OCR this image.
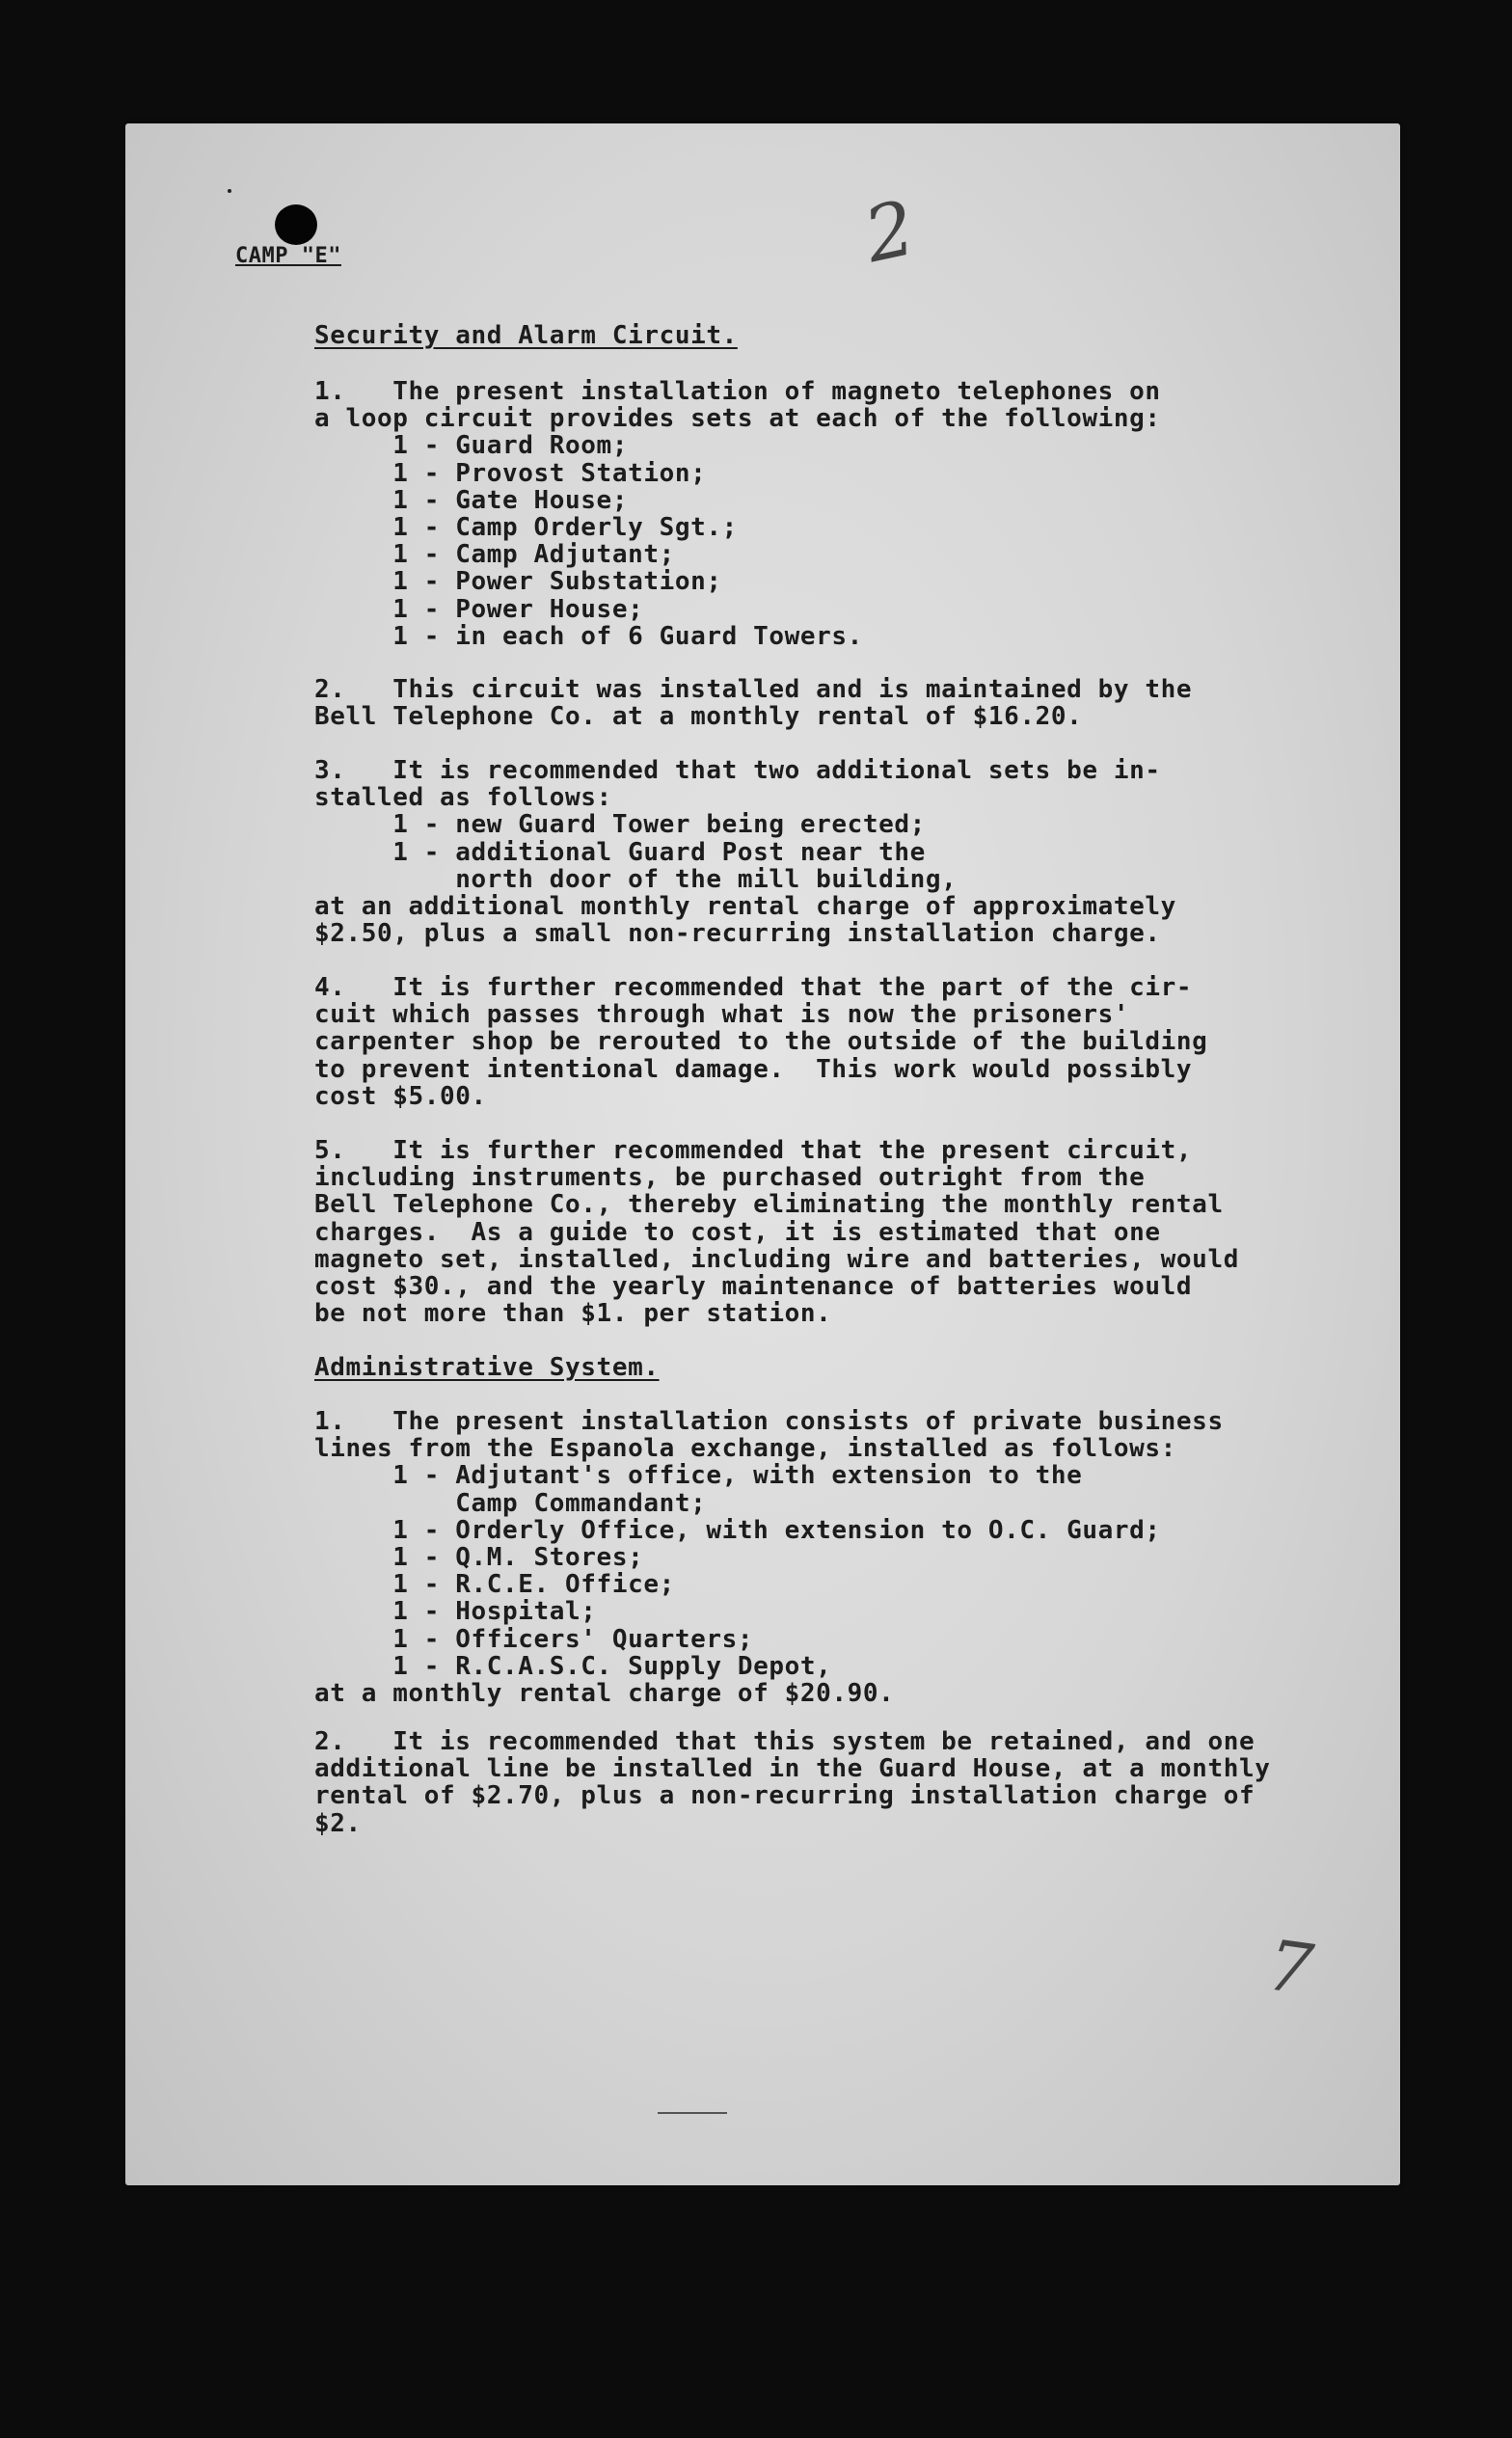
CAMP "E"	2
Security and Alarm Circuit.
1.   The present installation of magneto telephones on
a loop circuit provides sets at each of the following:
1 - Guard Room;
1 - Provost Station;
1 - Gate House;
1 - Camp Orderly Sgt.;
1 - Camp Adjutant;
1 - Power Substation;
1 - Power House;
1 - in each of 6 Guard Towers.
2.   This circuit was installed and is maintained by the
Bell Telephone Co. at a monthly rental of $16.20.
3.   It is recommended that two additional sets be in-
stalled as follows:
1 - new Guard Tower being erected;
1 - additional Guard Post near the
north door of the mill building,
at an additional monthly rental charge of approximately
$2.50, plus a small non-recurring installation charge.
4.   It is further recommended that the part of the cir-
cuit which passes through what is now the prisoners'
carpenter shop be rerouted to the outside of the building
to prevent intentional damage.  This work would possibly
cost $5.00.
5.   It is further recommended that the present circuit,
including instruments, be purchased outright from the
Bell Telephone Co., thereby eliminating the monthly rental
charges.  As a guide to cost, it is estimated that one
magneto set, installed, including wire and batteries, would
cost $30., and the yearly maintenance of batteries would
be not more than $1. per station.
Administrative System.
1.   The present installation consists of private business
lines from the Espanola exchange, installed as follows:
1 - Adjutant's office, with extension to the
Camp Commandant;
1 - Orderly Office, with extension to O.C. Guard;
1 - Q.M. Stores;
1 - R.C.E. Office;
1 - Hospital;
1 - Officers' Quarters;
1 - R.C.A.S.C. Supply Depot,
at a monthly rental charge of $20.90.
2.   It is recommended that this system be retained, and one
additional line be installed in the Guard House, at a monthly
rental of $2.70, plus a non-recurring installation charge of
$2.
7
